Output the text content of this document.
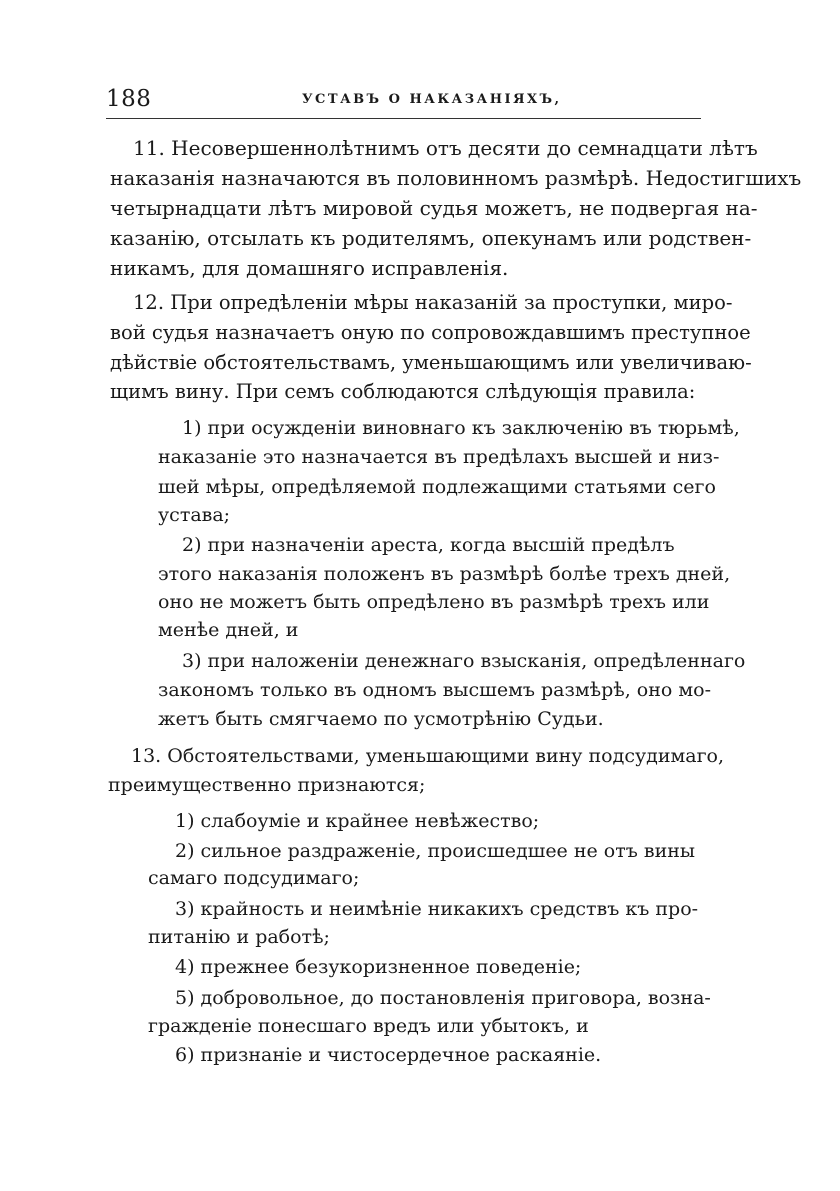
188	УСТАВЪ О НАКАЗАНІЯХЪ,
11. Несовершеннолѣтнимъ отъ десяти до семнадцати лѣтъ
наказанія назначаются въ половинномъ размѣрѣ. Недостигшихъ
четырнадцати лѣтъ мировой судья можетъ, не подвергая на-
казанію, отсылать къ родителямъ, опекунамъ или родствен-
никамъ, для домашняго исправленія.
12. При опредѣленіи мѣры наказаній за проступки, миро-
вой судья назначаетъ оную по сопровождавшимъ преступное
дѣйствіе обстоятельствамъ, уменьшающимъ или увеличиваю-
щимъ вину. При семъ соблюдаются слѣдующія правила:
1) при осужденіи виновнаго къ заключенію въ тюрьмѣ,
наказаніе это назначается въ предѣлахъ высшей и низ-
шей мѣры, опредѣляемой подлежащими статьями сего
устава;
2) при назначеніи ареста, когда высшій предѣлъ
этого наказанія положенъ въ размѣрѣ болѣе трехъ дней,
оно не можетъ быть опредѣлено въ размѣрѣ трехъ или
менѣе дней, и
3) при наложеніи денежнаго взысканія, опредѣленнаго
закономъ только въ одномъ высшемъ размѣрѣ, оно мо-
жетъ быть смягчаемо по усмотрѣнію Судьи.
13. Обстоятельствами, уменьшающими вину подсудимаго,
преимущественно признаются;
1) слабоуміе и крайнее невѣжество;
2) сильное раздраженіе, происшедшее не отъ вины
самаго подсудимаго;
3) крайность и неимѣніе никакихъ средствъ къ про-
питанію и работѣ;
4) прежнее безукоризненное поведеніе;
5) добровольное, до постановленія приговора, возна-
гражденіе понесшаго вредъ или убытокъ, и
6) признаніе и чистосердечное раскаяніе.
